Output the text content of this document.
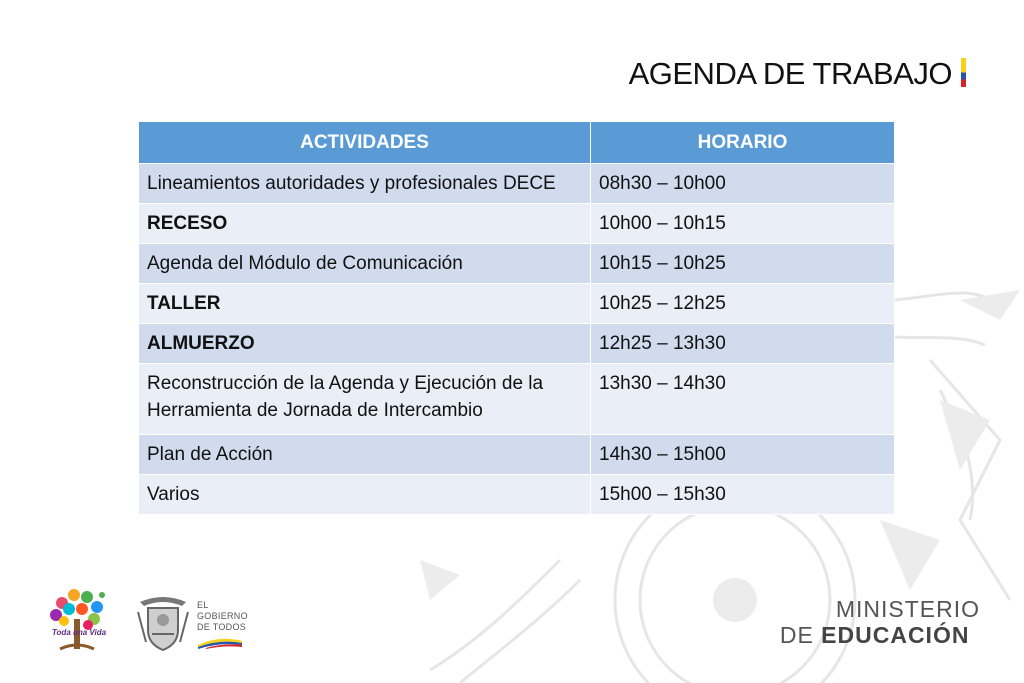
AGENDA DE TRABAJO
ACTIVIDADES	HORARIO
Lineamientos autoridades y profesionales DECE	08h30 – 10h00
RECESO	10h00 – 10h15
Agenda del Módulo de Comunicación	10h15 – 10h25
TALLER	10h25 – 12h25
ALMUERZO	12h25 – 13h30
Reconstrucción de la Agenda y Ejecución de la Herramienta de Jornada de Intercambio	13h30 – 14h30
Plan de Acción	14h30 – 15h00
Varios	15h00 – 15h30
Toda una Vida
EL
GOBIERNO
DE TODOS
MINISTERIO
DE EDUCACIÓN
